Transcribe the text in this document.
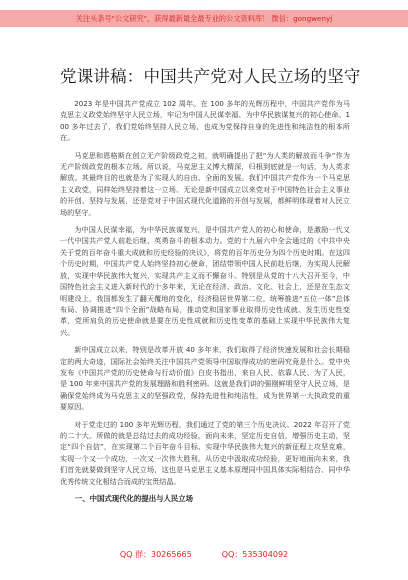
关注头条号"公文研究"，获得最新最全最专业的公文资料库！ 微信：gongwenyj
党课讲稿：中国共产党对人民立场的坚守

2023 年是中国共产党成立 102 周年。在 100 多年的光辉历程中，中国共产党作为马克思主义政党始终坚守人民立场，牢记为中国人民谋幸福、为中华民族谋复兴的初心使命。100 多年过去了，我们党始终坚持人民立场，也成为党保持自身的先进性和纯洁性的根本所在。

马克思和恩格斯在创立无产阶级政党之初，就明确提出了把“为人类的解放而斗争”作为无产阶级政党的根本立场。所以说，马克思主义博大精深，归根到底就是一句话，为人类求解放。其最终目的也就是为了实现人的自由、全面的发展。我们中国共产党作为一个马克思主义政党，同样始终坚持着这一立场。无论是新中国成立以来党对于中国特色社会主义事业的开创、坚持与发展，还是党对于中国式现代化道路的开创与发展，都鲜明体现着对人民立场的坚守。

为中国人民谋幸福，为中华民族谋复兴，是中国共产党人的初心和使命，是激励一代又一代中国共产党人前赴后继、英勇奋斗的根本动力。党的十九届六中全会通过的《中共中央关于党的百年奋斗重大成就和历史经验的决议》，将党的百年历史分为四个历史时期。在这四个历史时期，中国共产党人始终坚持初心使命，团结带领中国人民前赴后继，为实现人民解放，实现中华民族伟大复兴，实现共产主义而不懈奋斗。特别是从党的十八大召开至今，中国特色社会主义进入新时代的十多年来，无论在经济、政治、文化、社会上，还是在生态文明建设上，我国都发生了翻天覆地的变化，经济稳居世界第二位，统筹推进“五位一体”总体布局、协调推进“四个全面”战略布局，推动党和国家事业取得历史性成就、发生历史性变革，党所肩负的历史使命就是要在历史性成就和历史性变革的基础上实现中华民族伟大复兴。

新中国成立以来，特别是改革开放 40 多年来，我们取得了经济快速发展和社会长期稳定的两大奇迹，国际社会始终关注中国共产党领导中国取得成功的密码究竟是什么。党中央发布《中国共产党的历史使命与行动价值》白皮书指出，来自人民、依靠人民、为了人民，是 100 年来中国共产党的发展理路和胜利密码。这就是我们讲的强刚鲜明坚守人民立场，是确保党始终成为马克思主义的坚强政党，保持先进性和纯洁性，成为世界第一大执政党的重要原因。

对于党走过的 100 多年光辉历程，我们通过了党的第三个历史决议。2022 年召开了党的二十大。所做的就是总结过去的成功经验，面向未来，坚定历史自信，增强历史主动，坚定“四个自信”，在实现第二个百年奋斗目标、实现中华民族伟大复兴的新征程上攻坚克难，实现一个又一个成功，一次又一次伟大胜利。从历史中汲取成功经验，更好地面向未来，我们首先就要做到坚守人民立场，这也是马克思主义基本原理同中国具体实际相结合、同中华优秀传统文化相结合而成的宝贵结晶。

一、中国式现代化的提出与人民立场

QQ 群：30265665	QQ：535304092
